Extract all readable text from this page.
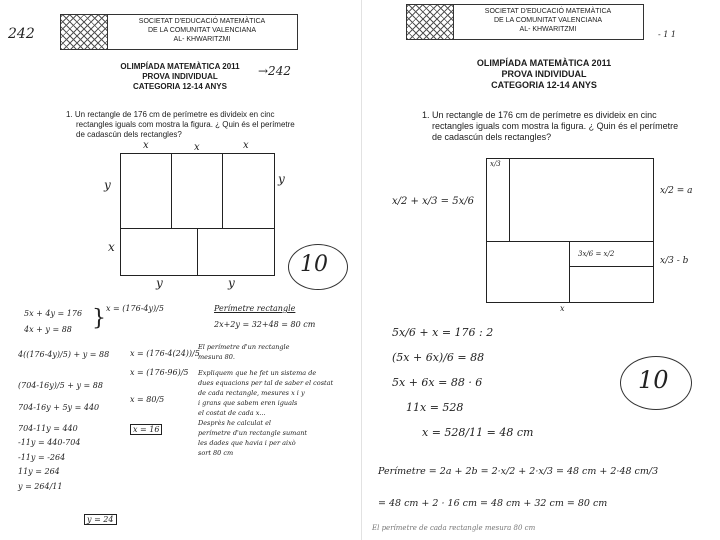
242
SOCIETAT D'EDUCACIÓ MATEMÀTICA
DE LA COMUNITAT VALENCIANA
AL- KHWARITZMI
OLIMPÍADA MATEMÀTICA 2011
PROVA INDIVIDUAL
CATEGORIA 12-14 ANYS
→242
1. Un rectangle de 176 cm de perímetre es divideix en cinc
rectangles iguals com mostra la figura. ¿ Quin és el perímetre
de cadascún dels rectangles?
x	x	x
y	y
x
y	y
10
5x + 4y = 176
4x + y = 88 } x = (176-4y)/5
4((176-4y)/5) + y = 88
(704-16y)/5 + y = 88
704-16y + 5y = 440
704-11y = 440
-11y = 440-704
-11y = -264
11y = 264
y = 264/11
y = 24
x = (176-4(24))/5
x = (176-96)/5
x = 80/5
x = 16
Perímetre rectangle
2x+2y = 32+48 = 80 cm
El perímetre d'un rectangle
mesura 80.
Expliquem que he fet un sistema de
dues equacions per tal de saber el costat
de cada rectangle, mesures x i y
i grans que sabem eren iguals
el costat de cada x...
Desprès he calculat el
perímetre d'un rectangle sumant
les dades que havia i per això
sort 80 cm
SOCIETAT D'EDUCACIÓ MATEMÀTICA
DE LA COMUNITAT VALENCIANA
AL- KHWARITZMI
- 1 1
OLIMPÍADA MATEMÀTICA 2011
PROVA INDIVIDUAL
CATEGORIA 12-14 ANYS
1. Un rectangle de 176 cm de perímetre es divideix en cinc
rectangles iguals com mostra la figura. ¿ Quin és el perímetre
de cadascún dels rectangles?
x/3
x/2 = a
x/3 - b
3x/6 = x/2
x
x/2 + x/3 = 5x/6
10
5x/6 + x = 176 : 2
(5x + 6x)/6 = 88
5x + 6x = 88 · 6
11x = 528
x = 528/11 = 48 cm
Perímetre = 2a + 2b = 2·x/2 + 2·x/3 = 48 cm + 2·48 cm/3
= 48 cm + 2 · 16 cm = 48 cm + 32 cm = 80 cm
El perímetre de cada rectangle mesura 80 cm
